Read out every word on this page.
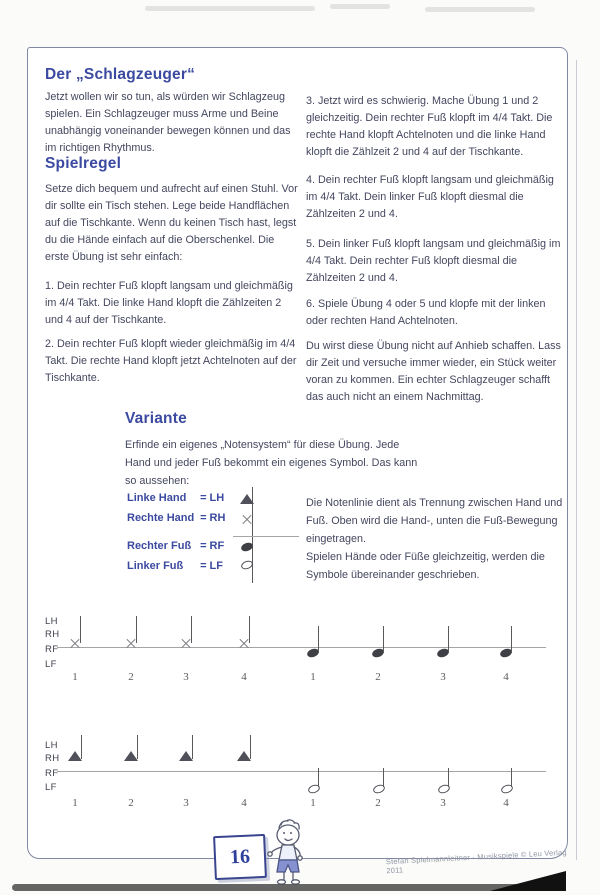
Der „Schlagzeuger“

Jetzt wollen wir so tun, als würden wir Schlagzeug spielen. Ein Schlagzeuger muss Arme und Beine unabhängig voneinander bewegen können und das im richtigen Rhythmus.

Spielregel

Setze dich bequem und aufrecht auf einen Stuhl. Vor dir sollte ein Tisch stehen. Lege beide Handflächen auf die Tischkante. Wenn du keinen Tisch hast, legst du die Hände einfach auf die Oberschenkel. Die erste Übung ist sehr einfach:

1. Dein rechter Fuß klopft langsam und gleichmäßig im 4/4 Takt. Die linke Hand klopft die Zählzeiten 2 und 4 auf der Tischkante.

2. Dein rechter Fuß klopft wieder gleichmäßig im 4/4 Takt. Die rechte Hand klopft jetzt Achtelnoten auf der Tischkante.

3. Jetzt wird es schwierig. Mache Übung 1 und 2 gleichzeitig. Dein rechter Fuß klopft im 4/4 Takt. Die rechte Hand klopft Achtelnoten und die linke Hand klopft die Zählzeit 2 und 4 auf der Tischkante.

4. Dein rechter Fuß klopft langsam und gleichmäßig im 4/4 Takt. Dein linker Fuß klopft diesmal die Zählzeiten 2 und 4.

5. Dein linker Fuß klopft langsam und gleichmäßig im 4/4 Takt. Dein rechter Fuß klopft diesmal die Zählzeiten 2 und 4.

6. Spiele Übung 4 oder 5 und klopfe mit der linken oder rechten Hand Achtelnoten.

Du wirst diese Übung nicht auf Anhieb schaffen. Lass dir Zeit und versuche immer wieder, ein Stück weiter voran zu kommen. Ein echter Schlagzeuger schafft das auch nicht an einem Nachmittag.

Variante

Erfinde ein eigenes „Notensystem“ für diese Übung. Jede Hand und jeder Fuß bekommt ein eigenes Symbol. Das kann so aussehen:

Linke Hand = LH
Rechte Hand = RH
Rechter Fuß = RF
Linker Fuß = LF

Die Notenlinie dient als Trennung zwischen Hand und Fuß. Oben wird die Hand-, unten die Fuß-Bewegung eingetragen.

Spielen Hände oder Füße gleichzeitig, werden die Symbole übereinander geschrieben.

LH
RH
RF
LF
1	2	3	4	1	2	3	4
LH
RH
RF
LF
1	2	3	4	1	2	3	4
16	Stefan Spielmannleitner · Musikspiele © Leu Verlag 2011
